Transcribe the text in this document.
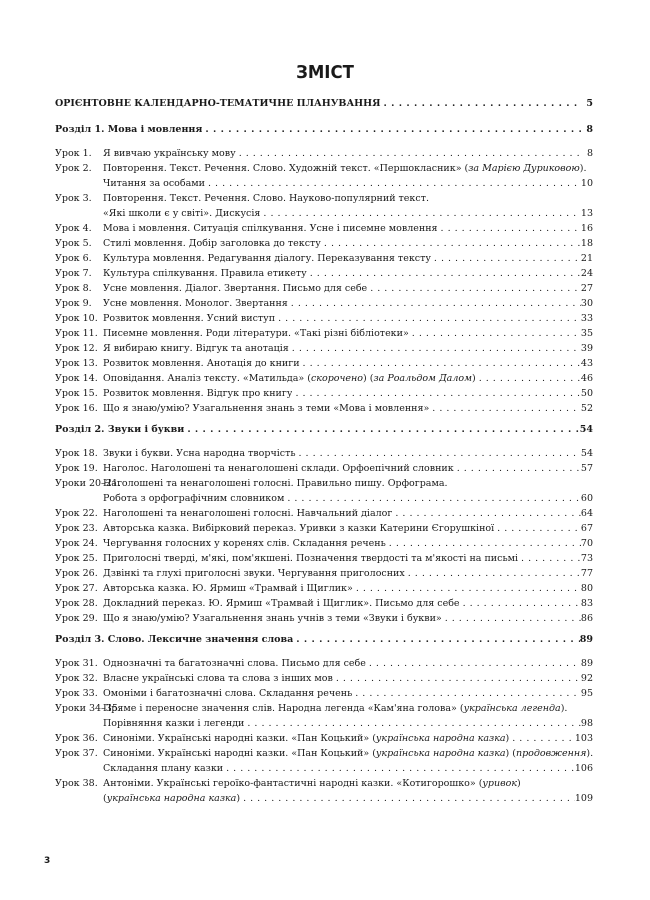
ЗМІСТ
ОРІЄНТОВНЕ КАЛЕНДАРНО-ТЕМАТИЧНЕ ПЛАНУВАННЯ . . .	5
Розділ 1. Мова і мовлення . . .	8
Урок 1.	Я вивчаю українську мову . . .	8
Урок 2.	Повторення. Текст. Речення. Слово. Художній текст. «Першокласник» (за Марією Дуриковою).
Читання за особами . . .	10
Урок 3.	Повторення. Текст. Речення. Слово. Науково-популярний текст.
«Які школи є у світі». Дискусія . . .	13
Урок 4.	Мова і мовлення. Ситуація спілкування. Усне і писемне мовлення . . .	16
Урок 5.	Стилі мовлення. Добір заголовка до тексту . . .	18
Урок 6.	Культура мовлення. Редагування діалогу. Переказування тексту . . .	21
Урок 7.	Культура спілкування. Правила етикету . . .	24
Урок 8.	Усне мовлення. Діалог. Звертання. Письмо для себе . . .	27
Урок 9.	Усне мовлення. Монолог. Звертання . . .	30
Урок 10. Розвиток мовлення. Усний виступ . . .	33
Урок 11. Писемне мовлення. Роди літератури. «Такі різні бібліотеки» . . .	35
Урок 12. Я вибираю книгу. Відгук та анотація . . .	39
Урок 13. Розвиток мовлення. Анотація до книги . . .	43
Урок 14. Оповідання. Аналіз тексту. «Матильда» (скорочено) (за Роальдом Далом) . . .	46
Урок 15. Розвиток мовлення. Відгук про книгу . . .	50
Урок 16. Що я знаю/умію? Узагальнення знань з теми «Мова і мовлення» . . .	52
Розділ 2. Звуки і букви . . .	54
Урок 18. Звуки і букви. Усна народна творчість . . .	54
Урок 19. Наголос. Наголошені та ненаголошені склади. Орфоепічний словник . . .	57
Уроки 20–21.
Наголошені та ненаголошені голосні. Правильно пишу. Орфограма.
Робота з орфографічним словником . . .	60
Урок 22. Наголошені та ненаголошені голосні. Навчальний діалог . . .	64
Урок 23. Авторська казка. Вибірковий переказ. Уривки з казки Катерини Єгорушкіної . . .	67
Урок 24. Чергування голосних у коренях слів. Складання речень . . .	70
Урок 25. Приголосні тверді, м'які, пом'якшені. Позначення твердості та м'якості на письмі . . .	73
Урок 26. Дзвінкі та глухі приголосні звуки. Чергування приголосних . . .	77
Урок 27. Авторська казка. Ю. Ярмиш «Трамвай і Щиглик» . . .	80
Урок 28. Докладний переказ. Ю. Ярмиш «Трамвай і Щиглик». Письмо для себе . . .	83
Урок 29. Що я знаю/умію? Узагальнення знань учнів з теми «Звуки і букви» . . .	86
Розділ 3. Слово. Лексичне значення слова . . .	89
Урок 31. Однозначні та багатозначні слова. Письмо для себе . . .	89
Урок 32. Власне українські слова та слова з інших мов . . .	92
Урок 33. Омоніми і багатозначні слова. Складання речень . . .	95
Уроки 34–35.
Пряме і переносне значення слів. Народна легенда «Кам'яна голова» (українська легенда).
Порівняння казки і легенди . . .	98
Урок 36. Синоніми. Українські народні казки. «Пан Коцький» (українська народна казка) . . .	103
Урок 37. Синоніми. Українські народні казки. «Пан Коцький» (українська народна казка) (продовження).
Складання плану казки . . .	106
Урок 38. Антоніми. Українські героїко-фантастичні народні казки. «Котигорошко» (уривок)
(українська народна казка) . . .	109
3
